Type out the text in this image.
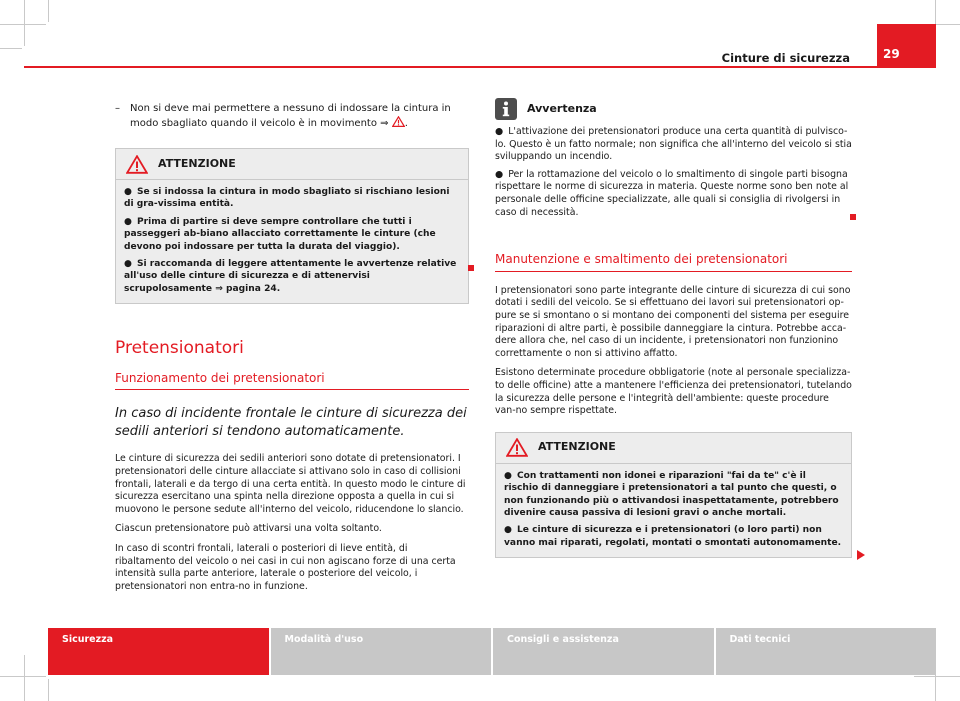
Cinture di sicurezza	29
–	Non si deve mai permettere a nessuno di indossare la cintura in modo sbagliato quando il veicolo è in movimento ⇒ .
ATTENZIONE

● Se si indossa la cintura in modo sbagliato si rischiano lesioni di gra-vissima entità.

● Prima di partire si deve sempre controllare che tutti i passeggeri ab-biano allacciato correttamente le cinture (che devono poi indossare per tutta la durata del viaggio).

● Si raccomanda di leggere attentamente le avvertenze relative all'uso delle cinture di sicurezza e di attenervisi scrupolosamente ⇒ pagina 24.

Pretensionatori
Funzionamento dei pretensionatori
In caso di incidente frontale le cinture di sicurezza dei sedili anteriori si tendono automaticamente.

Le cinture di sicurezza dei sedili anteriori sono dotate di pretensionatori. I pretensionatori delle cinture allacciate si attivano solo in caso di collisioni frontali, laterali e da tergo di una certa entità. In questo modo le cinture di sicurezza esercitano una spinta nella direzione opposta a quella in cui si muovono le persone sedute all'interno del veicolo, riducendone lo slancio.

Ciascun pretensionatore può attivarsi una volta soltanto.

In caso di scontri frontali, laterali o posteriori di lieve entità, di ribaltamento del veicolo o nei casi in cui non agiscano forze di una certa intensità sulla parte anteriore, laterale o posteriore del veicolo, i pretensionatori non entra-no in funzione.

Avvertenza

● L'attivazione dei pretensionatori produce una certa quantità di pulvisco-lo. Questo è un fatto normale; non significa che all'interno del veicolo si stia sviluppando un incendio.

● Per la rottamazione del veicolo o lo smaltimento di singole parti bisogna rispettare le norme di sicurezza in materia. Queste norme sono ben note al personale delle officine specializzate, alle quali si consiglia di rivolgersi in caso di necessità.

Manutenzione e smaltimento dei pretensionatori

I pretensionatori sono parte integrante delle cinture di sicurezza di cui sono dotati i sedili del veicolo. Se si effettuano dei lavori sui pretensionatori op-pure se si smontano o si montano dei componenti del sistema per eseguire riparazioni di altre parti, è possibile danneggiare la cintura. Potrebbe acca-dere allora che, nel caso di un incidente, i pretensionatori non funzionino correttamente o non si attivino affatto.

Esistono determinate procedure obbligatorie (note al personale specializza-to delle officine) atte a mantenere l'efficienza dei pretensionatori, tutelando la sicurezza delle persone e l'integrità dell'ambiente: queste procedure van-no sempre rispettate.

ATTENZIONE

● Con trattamenti non idonei e riparazioni "fai da te" c'è il rischio di danneggiare i pretensionatori a tal punto che questi, o non funzionando più o attivandosi inaspettatamente, potrebbero divenire causa passiva di lesioni gravi o anche mortali.

● Le cinture di sicurezza e i pretensionatori (o loro parti) non vanno mai riparati, regolati, montati o smontati autonomamente.

Sicurezza	Modalità d'uso	Consigli e assistenza	Dati tecnici
